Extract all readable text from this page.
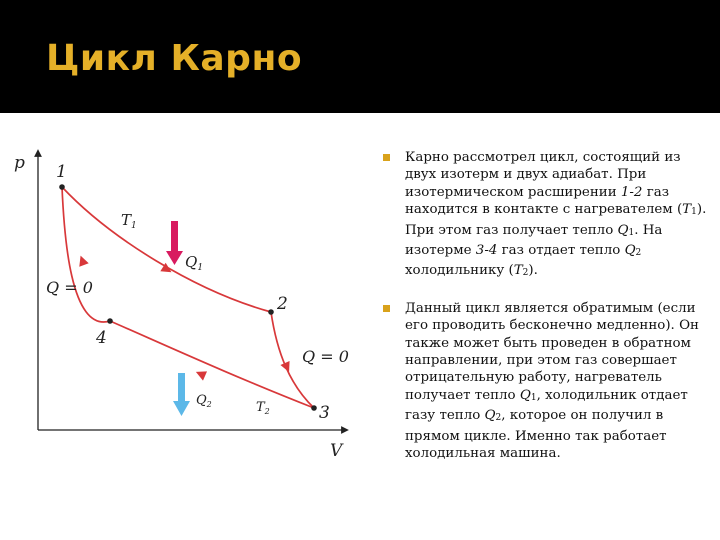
Цикл Карно
p
V
1
2
3
4
$T_1$
$Q_1$
$T_2$
$Q_2$
Q = 0
Q = 0
Карно рассмотрел цикл, состоящий из двух изотерм и двух адиабат. При изотермическом расширении 1-2 газ находится в контакте с нагревателем (T1). При этом газ получает тепло Q1. На изотерме 3-4 газ отдает тепло Q2 холодильнику (T2).
Данный цикл является обратимым (если его проводить бесконечно медленно). Он также может быть проведен в обратном направлении, при этом газ совершает отрицательную работу, нагреватель получает тепло Q1, холодильник отдает газу тепло Q2, которое он получил в прямом цикле. Именно так работает холодильная машина.
